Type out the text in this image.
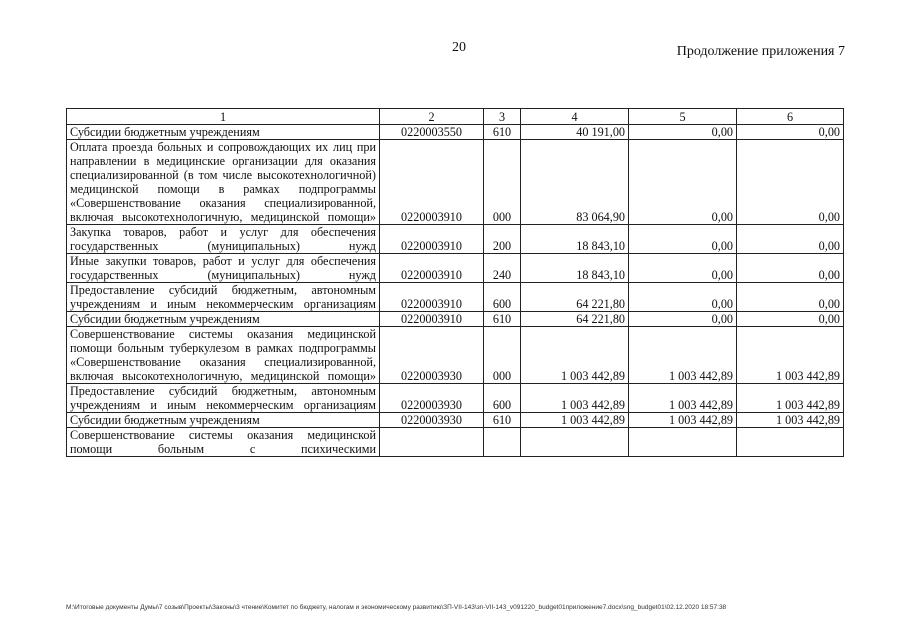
20	Продолжение приложения 7
1	2	3	4	5	6
Субсидии бюджетным учреждениям	0220003550	610	40 191,00	0,00	0,00
Оплата проезда больных и сопровождающих их лиц при направлении в медицинские организации для оказания специализированной (в том числе высокотехнологичной) медицинской помощи в рамках подпрограммы «Совершенствование оказания специализированной, включая высокотехнологичную, медицинской помощи»	0220003910	000	83 064,90	0,00	0,00
Закупка товаров, работ и услуг для обеспечения государственных (муниципальных) нужд	0220003910	200	18 843,10	0,00	0,00
Иные закупки товаров, работ и услуг для обеспечения государственных (муниципальных) нужд	0220003910	240	18 843,10	0,00	0,00
Предоставление субсидий бюджетным, автономным учреждениям и иным некоммерческим организациям	0220003910	600	64 221,80	0,00	0,00
Субсидии бюджетным учреждениям	0220003910	610	64 221,80	0,00	0,00
Совершенствование системы оказания медицинской помощи больным туберкулезом в рамках подпрограммы «Совершенствование оказания специализированной, включая высокотехнологичную, медицинской помощи»	0220003930	000	1 003 442,89	1 003 442,89	1 003 442,89
Предоставление субсидий бюджетным, автономным учреждениям и иным некоммерческим организациям	0220003930	600	1 003 442,89	1 003 442,89	1 003 442,89
Субсидии бюджетным учреждениям	0220003930	610	1 003 442,89	1 003 442,89	1 003 442,89
Совершенствование системы оказания медицинской помощи больным с психическими					
M:\Итоговые документы Думы\7 созыв\Проекты\Законы\3 чтение\Комитет по бюджету, налогам и экономическому развитию\ЗП-VII-143\зп-VII-143_v091220_budget01приложение7.docx\sng_budget01\02.12.2020 18:57:38
